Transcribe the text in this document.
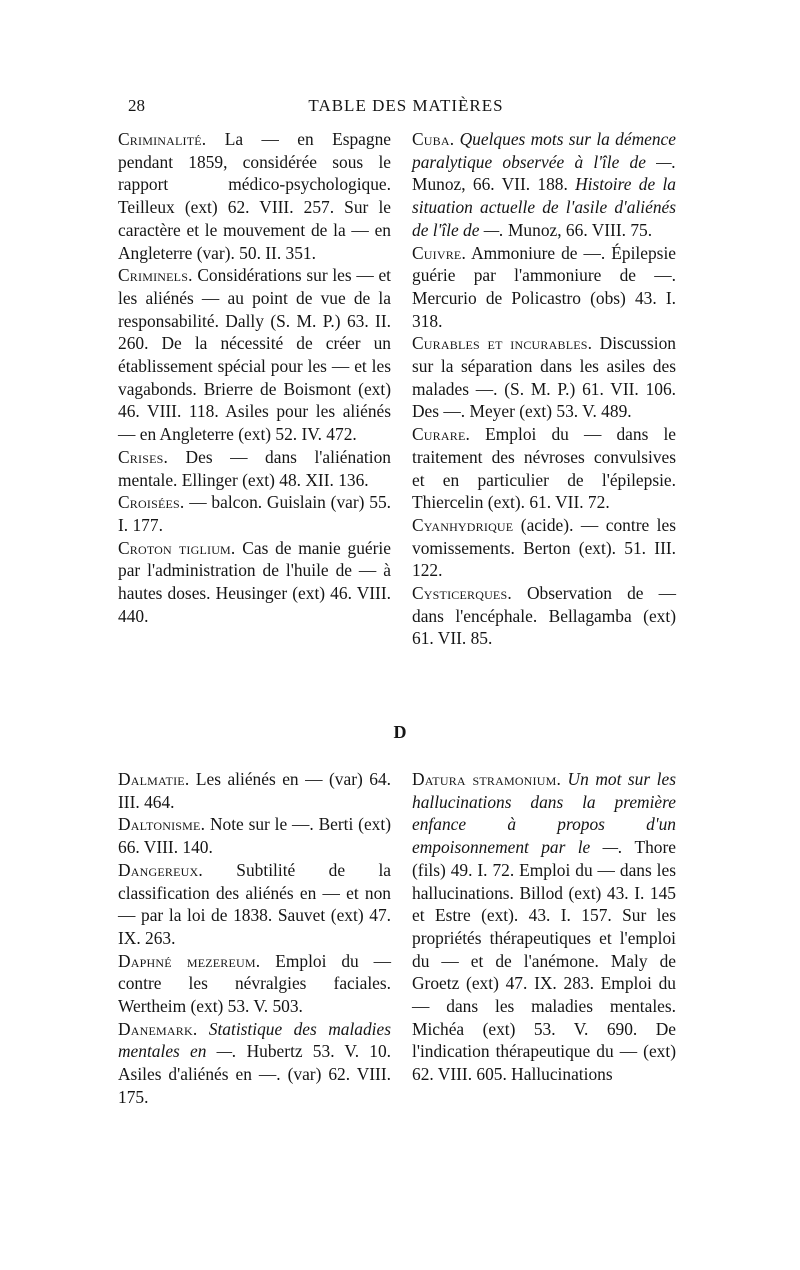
28	TABLE DES MATIÈRES
Criminalité. La — en Espagne pendant 1859, considérée sous le rapport médico-psychologique. Teilleux (ext) 62. VIII. 257. Sur le caractère et le mouvement de la — en Angleterre (var). 50. II. 351.
Criminels. Considérations sur les — et les aliénés — au point de vue de la responsabilité. Dally (S. M. P.) 63. II. 260. De la nécessité de créer un établissement spécial pour les — et les vagabonds. Brierre de Boismont (ext) 46. VIII. 118. Asiles pour les aliénés — en Angleterre (ext) 52. IV. 472.
Crises. Des — dans l'aliénation mentale. Ellinger (ext) 48. XII. 136.
Croisées. — balcon. Guislain (var) 55. I. 177.
Croton tiglium. Cas de manie guérie par l'administration de l'huile de — à hautes doses. Heusinger (ext) 46. VIII. 440.
Cuba. Quelques mots sur la démence paralytique observée à l'île de —. Munoz, 66. VII. 188. Histoire de la situation actuelle de l'asile d'aliénés de l'île de —. Munoz, 66. VIII. 75.
Cuivre. Ammoniure de —. Épilepsie guérie par l'ammoniure de —. Mercurio de Policastro (obs) 43. I. 318.
Curables et incurables. Discussion sur la séparation dans les asiles des malades —. (S. M. P.) 61. VII. 106. Des —. Meyer (ext) 53. V. 489.
Curare. Emploi du — dans le traitement des névroses convulsives et en particulier de l'épilepsie. Thiercelin (ext). 61. VII. 72.
Cyanhydrique (acide). — contre les vomissements. Berton (ext). 51. III. 122.
Cysticerques. Observation de — dans l'encéphale. Bellagamba (ext) 61. VII. 85.
D
Dalmatie. Les aliénés en — (var) 64. III. 464.
Daltonisme. Note sur le —. Berti (ext) 66. VIII. 140.
Dangereux. Subtilité de la classification des aliénés en — et non — par la loi de 1838. Sauvet (ext) 47. IX. 263.
Daphné mezereum. Emploi du — contre les névralgies faciales. Wertheim (ext) 53. V. 503.
Danemark. Statistique des maladies mentales en —. Hubertz 53. V. 10. Asiles d'aliénés en —. (var) 62. VIII. 175.
Datura stramonium. Un mot sur les hallucinations dans la première enfance à propos d'un empoisonnement par le —. Thore (fils) 49. I. 72. Emploi du — dans les hallucinations. Billod (ext) 43. I. 145 et Estre (ext). 43. I. 157. Sur les propriétés thérapeutiques et l'emploi du — et de l'anémone. Maly de Groetz (ext) 47. IX. 283. Emploi du — dans les maladies mentales. Michéa (ext) 53. V. 690. De l'indication thérapeutique du — (ext) 62. VIII. 605. Hallucinations
